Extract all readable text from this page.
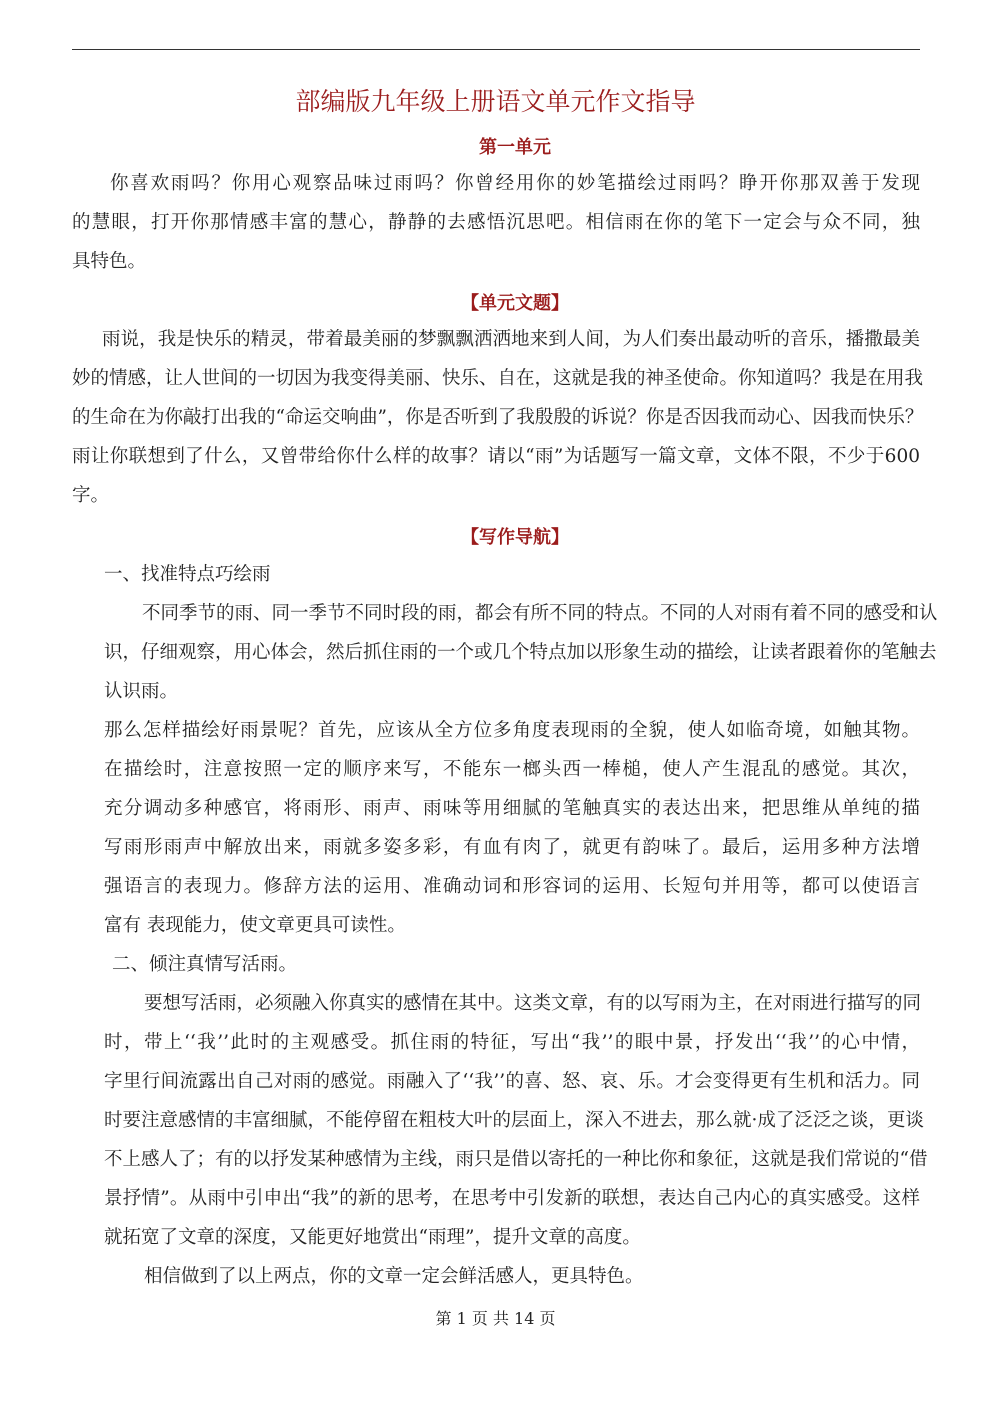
部编版九年级上册语文单元作文指导
第一单元
你喜欢雨吗？你用心观察品味过雨吗？你曾经用你的妙笔描绘过雨吗？睁开你那双善于发现
的慧眼，打开你那情感丰富的慧心，静静的去感悟沉思吧。相信雨在你的笔下一定会与众不同，独
具特色。
【单元文题】
雨说，我是快乐的精灵，带着最美丽的梦飘飘洒洒地来到人间，为人们奏出最动听的音乐，播撒最美
妙的情感，让人世间的一切因为我变得美丽、快乐、自在，这就是我的神圣使命。你知道吗？我是在用我
的生命在为你敲打出我的“命运交响曲”，你是否听到了我殷殷的诉说？你是否因我而动心、因我而快乐？
雨让你联想到了什么，又曾带给你什么样的故事？请以“雨”为话题写一篇文章，文体不限，不少于600
字。
【写作导航】
一、找准特点巧绘雨
不同季节的雨、同一季节不同时段的雨，都会有所不同的特点。不同的人对雨有着不同的感受和认
识，仔细观察，用心体会，然后抓住雨的一个或几个特点加以形象生动的描绘，让读者跟着你的笔触去
认识雨。
那么怎样描绘好雨景呢？首先，应该从全方位多角度表现雨的全貌，使人如临奇境，如触其物。
在描绘时，注意按照一定的顺序来写，不能东一榔头西一棒槌，使人产生混乱的感觉。其次，
充分调动多种感官，将雨形、雨声、雨味等用细腻的笔触真实的表达出来，把思维从单纯的描
写雨形雨声中解放出来，雨就多姿多彩，有血有肉了，就更有韵味了。最后，运用多种方法增
强语言的表现力。修辞方法的运用、准确动词和形容词的运用、长短句并用等，都可以使语言
富有 表现能力，使文章更具可读性。
二、倾注真情写活雨。
要想写活雨，必须融入你真实的感情在其中。这类文章，有的以写雨为主，在对雨进行描写的同
时，带上‘‘我’’此时的主观感受。抓住雨的特征，写出“我’’的眼中景，抒发出‘‘我’’的心中情，
字里行间流露出自己对雨的感觉。雨融入了‘‘我’’的喜、怒、哀、乐。才会变得更有生机和活力。同
时要注意感情的丰富细腻，不能停留在粗枝大叶的层面上，深入不进去，那么就·成了泛泛之谈，更谈
不上感人了；有的以抒发某种感情为主线，雨只是借以寄托的一种比你和象征，这就是我们常说的“借
景抒情”。从雨中引申出“我”的新的思考，在思考中引发新的联想，表达自己内心的真实感受。这样
就拓宽了文章的深度，又能更好地赏出“雨理”，提升文章的高度。
相信做到了以上两点，你的文章一定会鲜活感人，更具特色。
第 1 页 共 14 页
